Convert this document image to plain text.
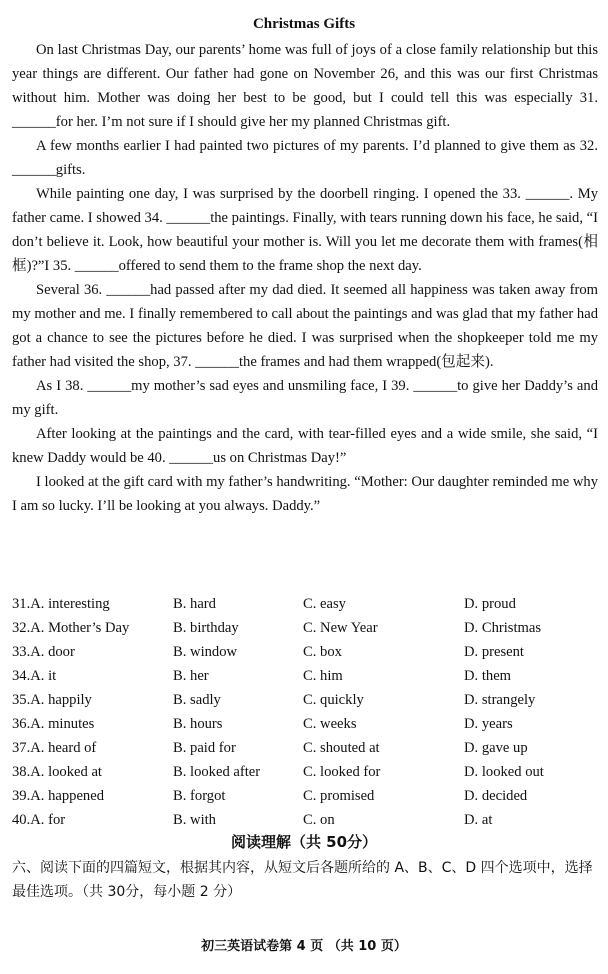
Christmas Gifts

On last Christmas Day, our parents’ home was full of joys of a close family relationship but this year things are different. Our father had gone on November 26, and this was our first Christmas without him. Mother was doing her best to be good, but I could tell this was especially 31. ______for her. I’m not sure if I should give her my planned Christmas gift.

A few months earlier I had painted two pictures of my parents. I’d planned to give them as 32. ______gifts.

While painting one day, I was surprised by the doorbell ringing. I opened the 33. ______. My father came. I showed 34. ______the paintings. Finally, with tears running down his face, he said, “I don’t believe it. Look, how beautiful your mother is. Will you let me decorate them with frames(相框)?”I 35. ______offered to send them to the frame shop the next day.

Several 36. ______had passed after my dad died. It seemed all happiness was taken away from my mother and me. I finally remembered to call about the paintings and was glad that my father had got a chance to see the pictures before he died. I was surprised when the shopkeeper told me my father had visited the shop, 37. ______the frames and had them wrapped(包起来).

As I 38. ______my mother’s sad eyes and unsmiling face, I 39. ______to give her Daddy’s and my gift.

After looking at the paintings and the card, with tear-filled eyes and a wide smile, she said, “I knew Daddy would be 40. ______us on Christmas Day!”

I looked at the gift card with my father’s handwriting. “Mother: Our daughter reminded me why I am so lucky. I’ll be looking at you always. Daddy.”

31.A. interesting	B. hard	C. easy	D. proud
32.A. Mother’s Day	B. birthday	C. New Year	D. Christmas
33.A. door	B. window	C. box	D. present
34.A. it	B. her	C. him	D. them
35.A. happily	B. sadly	C. quickly	D. strangely
36.A. minutes	B. hours	C. weeks	D. years
37.A. heard of	B. paid for	C. shouted at	D. gave up
38.A. looked at	B. looked after	C. looked for	D. looked out
39.A. happened	B. forgot	C. promised	D. decided
40.A. for	B. with	C. on	D. at
阅读理解（共 50分）
六、阅读下面的四篇短文，根据其内容，从短文后各题所给的 A、B、C、D 四个选项中，选择最佳选项。（共 30分，每小题 2 分）
初三英语试卷第 4 页 （共 10 页）
